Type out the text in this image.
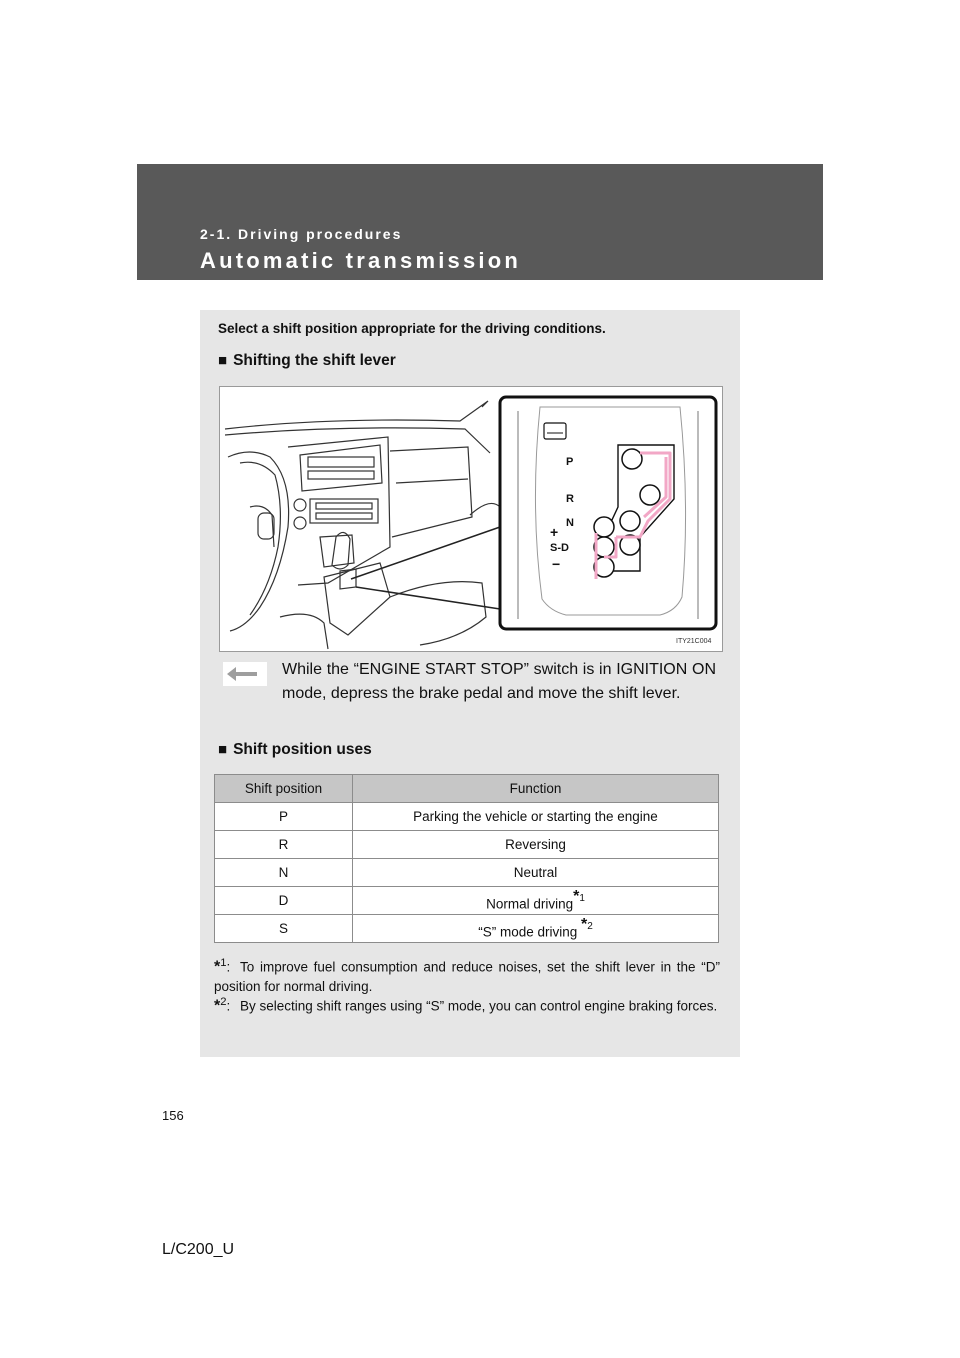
2-1. Driving procedures
Automatic transmission
Select a shift position appropriate for the driving conditions.
■ Shifting the shift lever
P
R
N
+
S-D
−
ITY21C004

While the “ENGINE START STOP” switch is in IGNITION ON mode, depress the brake pedal and move the shift lever.

■ Shift position uses
Shift position	Function
P	Parking the vehicle or starting the engine
R	Reversing
N	Neutral
D	Normal driving$^{*1}$
S	“S” mode driving $^{*2}$
*$^1$: To improve fuel consumption and reduce noises, set the shift lever in the “D” position for normal driving.
*$^2$: By selecting shift ranges using “S” mode, you can control engine braking forces.
156
L/C200_U
